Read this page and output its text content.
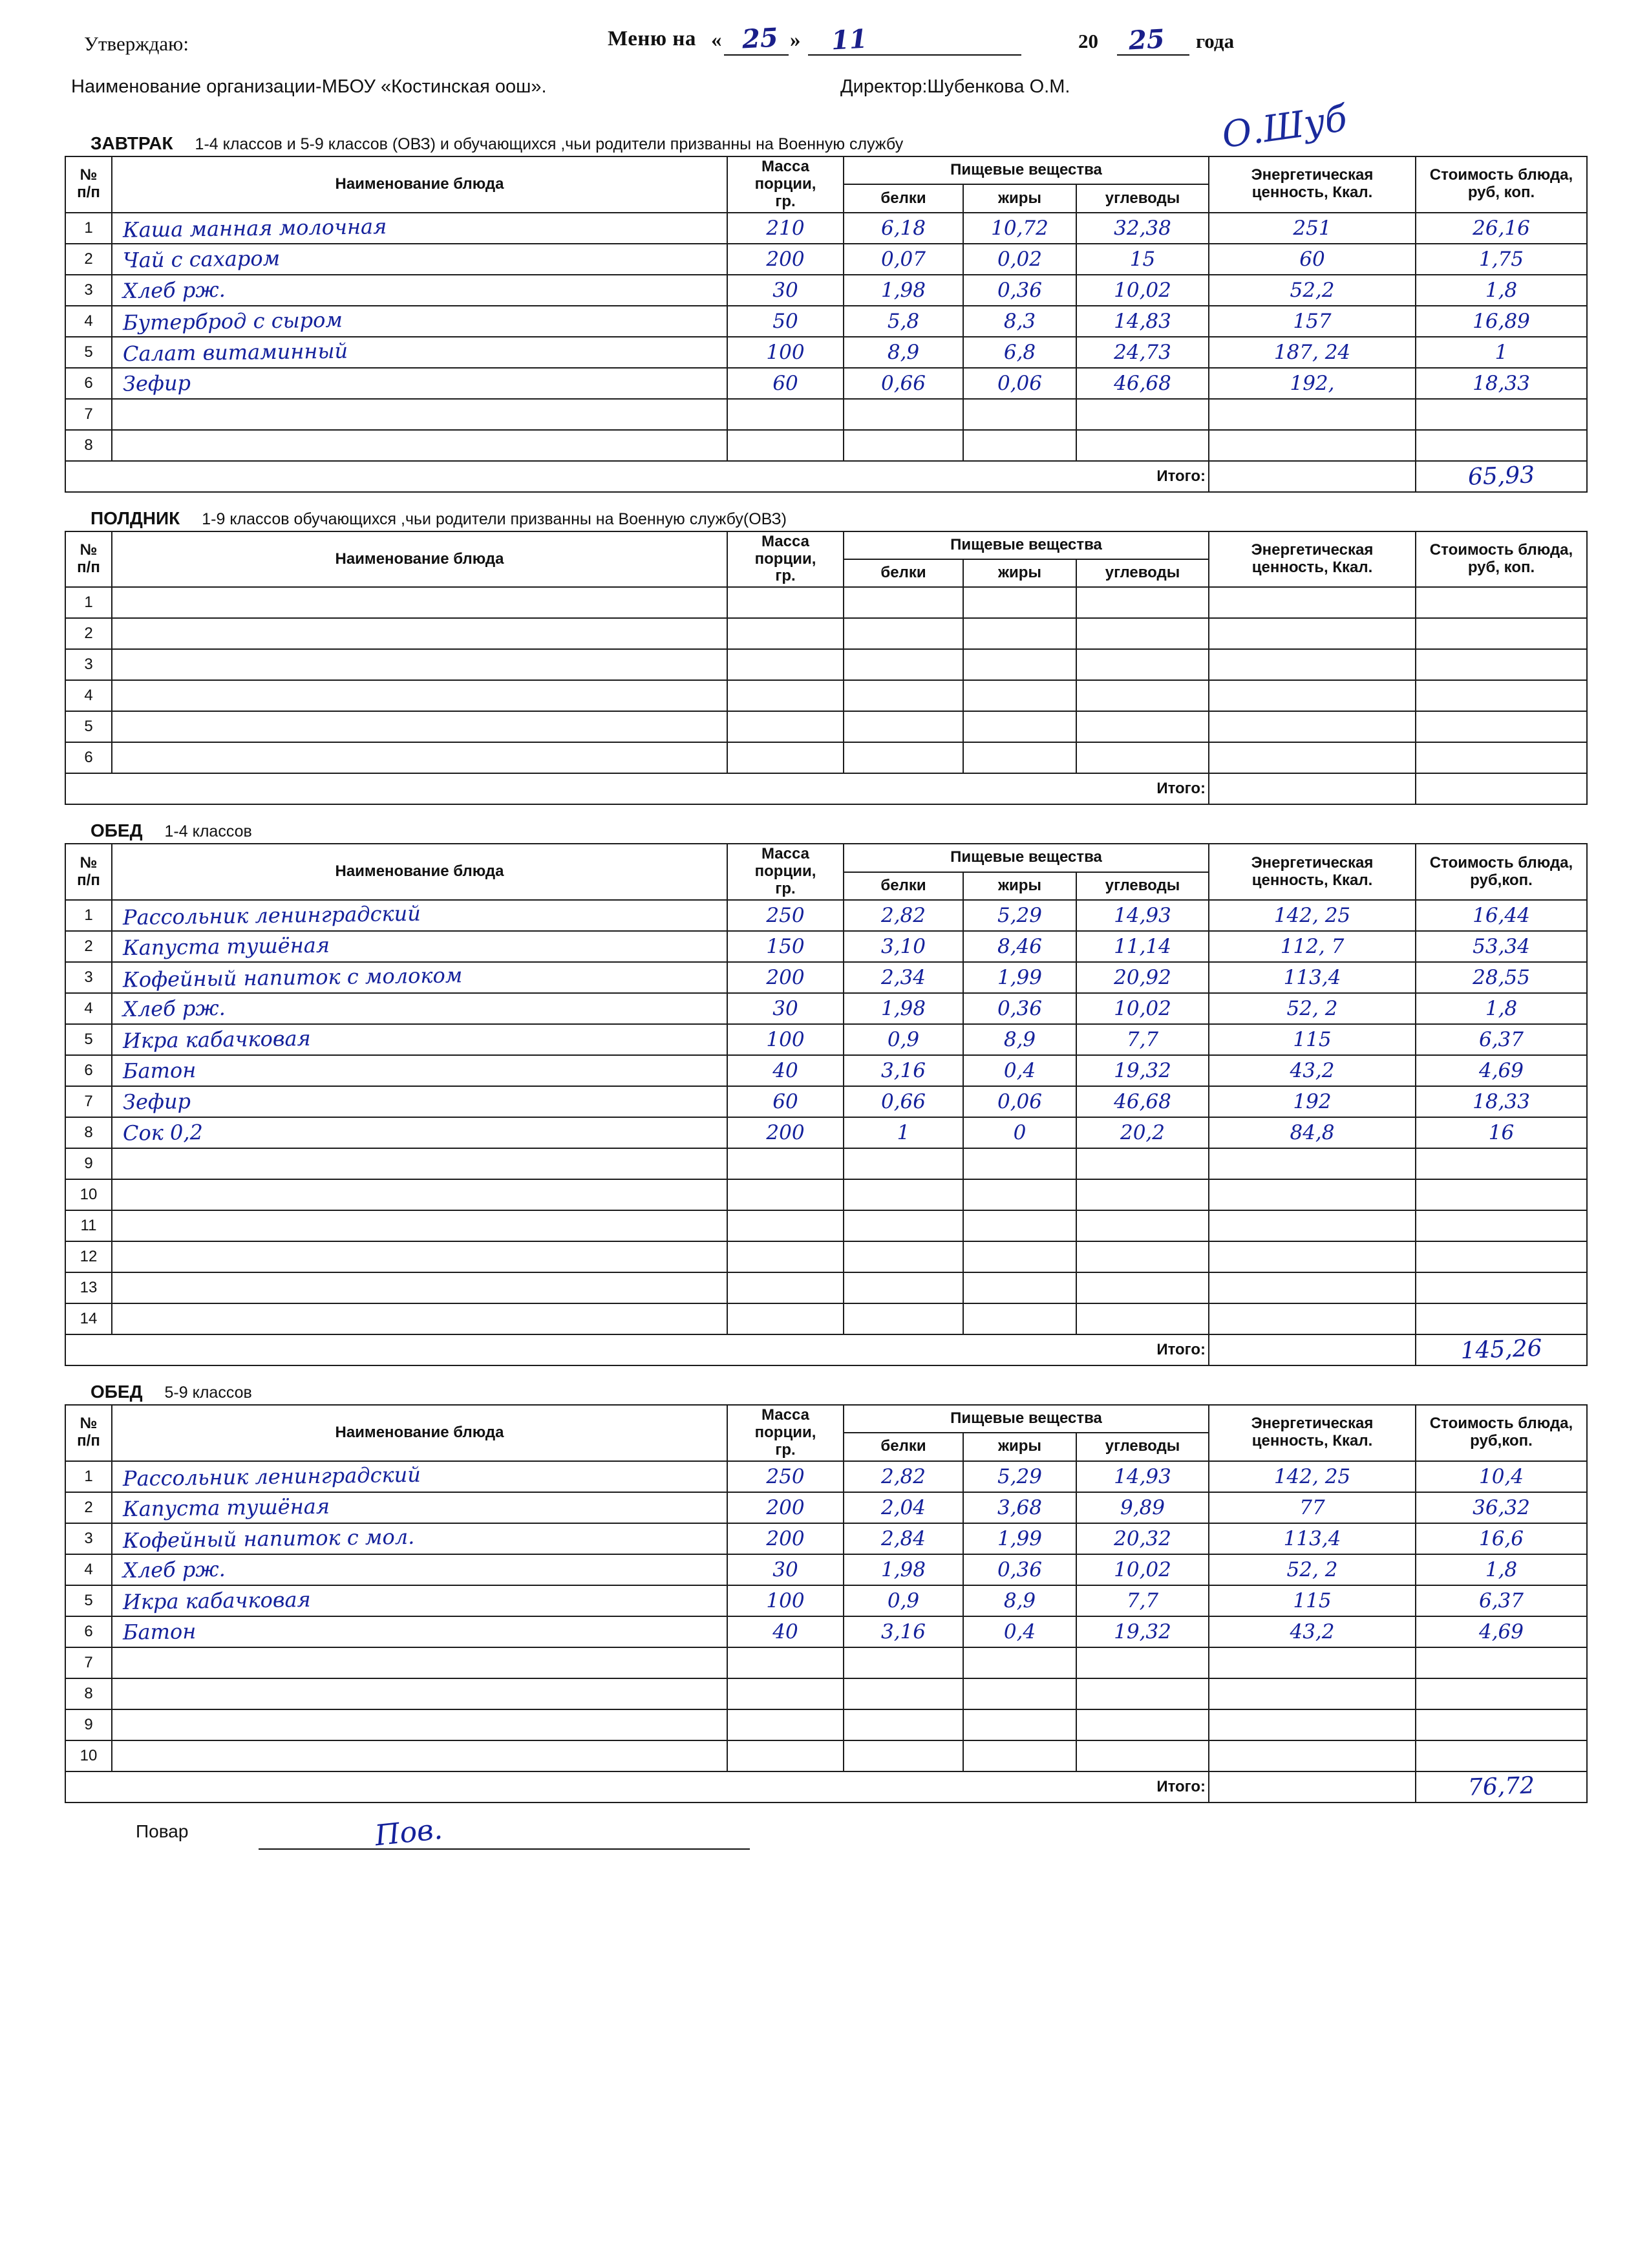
Утверждаю:	Меню на « 25 » 11	20 25 года
Наименование организации-МБОУ «Костинская оош».	Директор:Шубенкова О.М.
О.Шуб
ЗАВТРАК 1-4 классов и 5-9 классов (ОВЗ) и обучающихся ,чьи родители призванны на Военную службу
№
п/п	Наименование блюда	Масса
порции,
гр.	Пищевые вещества			Энергетическая
ценность, Ккал.	Стоимость блюда,
руб, коп.
			белки	жиры	углеводы		
1	Каша манная молочная	210	6,18	10,72	32,38	251	26,16

2	Чай с сахаром	200	0,07	0,02	15	60	1,75

3	Хлеб рж.	30	1,98	0,36	10,02	52,2	1,8

4	Бутерброд с сыром	50	5,8	8,3	14,83	157	16,89

5	Салат витаминный	100	8,9	6,8	24,73	187, 24	1

6	Зефир	60	0,66	0,06	46,68	192,	18,33

7							
8							
Итого:							65,93
ПОЛДНИК 1-9 классов обучающихся ,чьи родители призванны на Военную службу(ОВЗ)
№
п/п	Наименование блюда	Масса
порции,
гр.	Пищевые вещества			Энергетическая
ценность, Ккал.	Стоимость блюда,
руб, коп.
			белки	жиры	углеводы		
1							
2							
3							
4							
5							
6							
Итого:							
ОБЕД 1-4 классов
№
п/п	Наименование блюда	Масса
порции,
гр.	Пищевые вещества			Энергетическая
ценность, Ккал.	Стоимость блюда,
руб,коп.
			белки	жиры	углеводы		
1	Рассольник ленинградский	250	2,82	5,29	14,93	142, 25	16,44

2	Капуста тушёная	150	3,10	8,46	11,14	112, 7	53,34

3	Кофейный напиток с молоком	200	2,34	1,99	20,92	113,4	28,55

4	Хлеб рж.	30	1,98	0,36	10,02	52, 2	1,8

5	Икра кабачковая	100	0,9	8,9	7,7	115	6,37

6	Батон	40	3,16	0,4	19,32	43,2	4,69

7	Зефир	60	0,66	0,06	46,68	192	18,33

8	Сок 0,2	200	1	0	20,2	84,8	16

9							
10							
11							
12							
13							
14							
Итого:							145,26
ОБЕД 5-9 классов
№
п/п	Наименование блюда	Масса
порции,
гр.	Пищевые вещества			Энергетическая
ценность, Ккал.	Стоимость блюда,
руб,коп.
			белки	жиры	углеводы		
1	Рассольник ленинградский	250	2,82	5,29	14,93	142, 25	10,4

2	Капуста тушёная	200	2,04	3,68	9,89	77	36,32

3	Кофейный напиток с мол.	200	2,84	1,99	20,32	113,4	16,6

4	Хлеб рж.	30	1,98	0,36	10,02	52, 2	1,8

5	Икра кабачковая	100	0,9	8,9	7,7	115	6,37

6	Батон	40	3,16	0,4	19,32	43,2	4,69

7							
8							
9							
10							
Итого:							76,72
Повар	Пов.
